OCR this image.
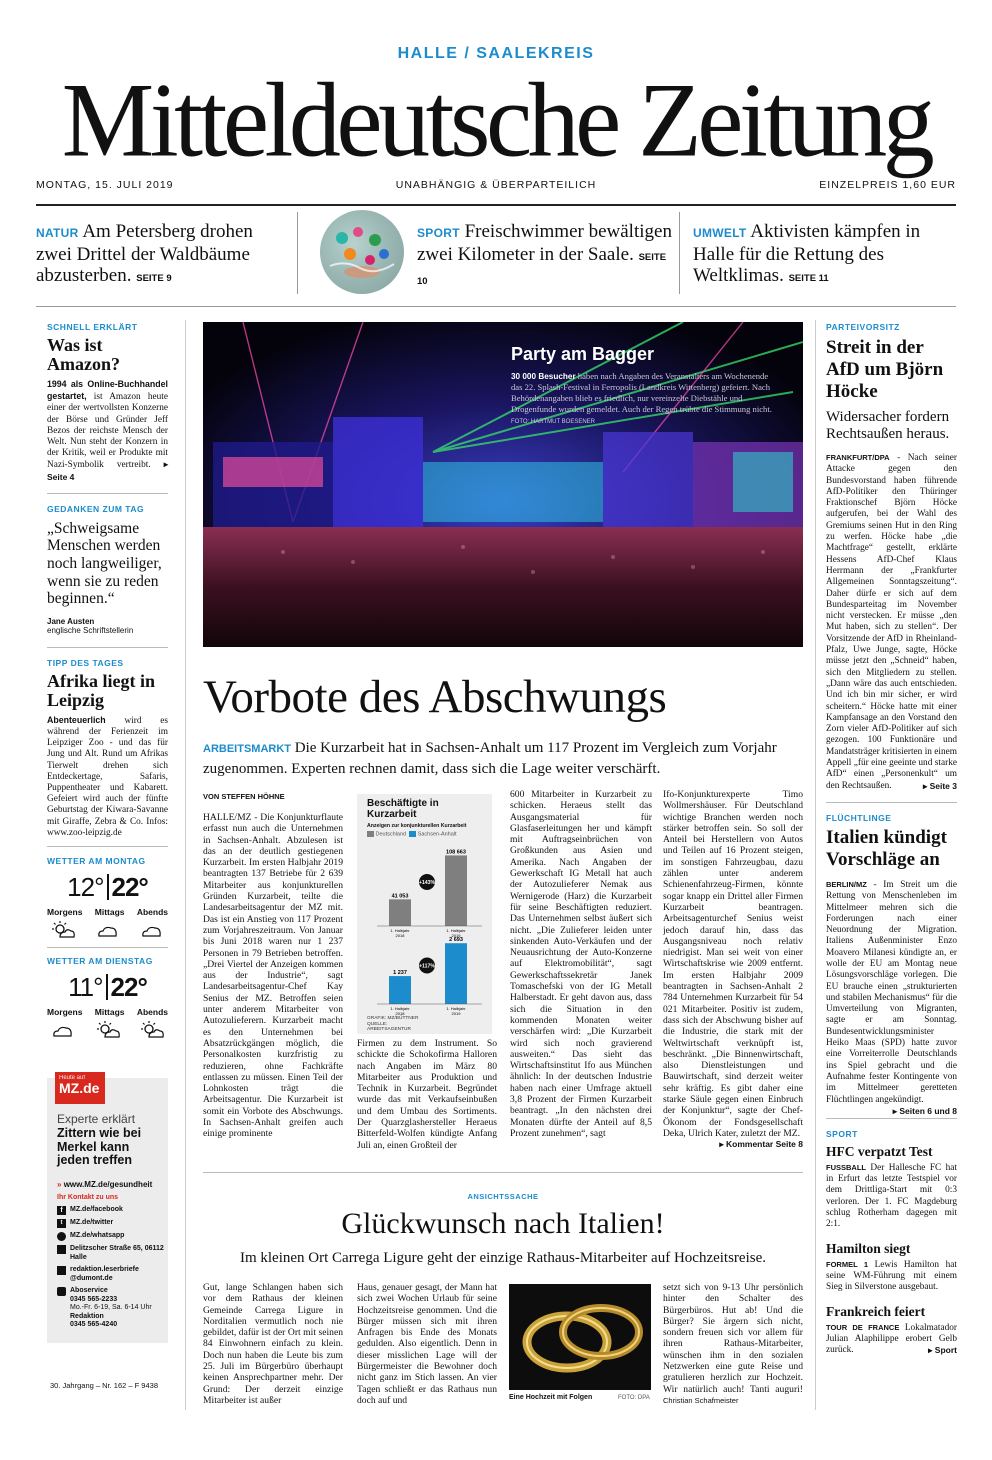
HALLE / SAALEKREIS
Mitteldeutsche Zeitung
MONTAG, 15. JULI 2019	UNABHÄNGIG & ÜBERPARTEILICH	EINZELPREIS 1,60 EUR
NATUR Am Petersberg drohen zwei Drittel der Waldbäume abzusterben. SEITE 9
SPORT Freischwimmer bewältigen zwei Kilometer in der Saale. SEITE 10
UMWELT Aktivisten kämpfen in Halle für die Rettung des Weltklimas. SEITE 11
SCHNELL ERKLÄRT
Was ist Amazon?
1994 als Online-Buchhandel gestartet, ist Amazon heute einer der wertvollsten Konzerne der Börse und Gründer Jeff Bezos der reichste Mensch der Welt. Nun steht der Konzern in der Kritik, weil er Produkte mit Nazi-Symbolik vertreibt. ▸ Seite 4
GEDANKEN ZUM TAG
„Schweigsame Menschen werden noch langweiliger, wenn sie zu reden beginnen.“
Jane Austen
englische Schriftstellerin
TIPP DES TAGES
Afrika liegt in Leipzig
Abenteuerlich wird es während der Ferienzeit im Leipziger Zoo - und das für Jung und Alt. Rund um Afrikas Tierwelt drehen sich Entdeckertage, Safaris, Puppentheater und Kabarett. Gefeiert wird auch der fünfte Geburtstag der Kiwara-Savanne mit Giraffe, Zebra & Co. Infos: www.zoo-leipzig.de
WETTER AM MONTAG
12° 22°
Morgens Mittags Abends
WETTER AM DIENSTAG
11° 22°
Morgens Mittags Abends
Heute auf
MZ.de
Experte erklärt
Zittern wie bei Merkel kann jeden treffen
» www.MZ.de/gesundheit
Ihr Kontakt zu uns
f	MZ.de/facebook
t	MZ.de/twitter
MZ.de/whatsapp
Delitzscher Straße 65, 06112 Halle
redaktion.leserbriefe @dumont.de
Aboservice
0345 565-2233
Mo.-Fr. 6-19, Sa. 6-14 Uhr
Redaktion
0345 565-4240
30. Jahrgang – Nr. 162 – F 9438
Party am Bagger
30 000 Besucher haben nach Angaben des Veranstalters am Wochenende das 22. Splash-Festival in Ferropolis (Landkreis Wittenberg) gefeiert. Nach Behördenangaben blieb es friedlich, nur vereinzelte Diebstähle und Drogenfunde wurden gemeldet. Auch der Regen trübte die Stimmung nicht. FOTO: HARTMUT BOESENER
Vorbote des Abschwungs
ARBEITSMARKT Die Kurzarbeit hat in Sachsen-Anhalt um 117 Prozent im Vergleich zum Vorjahr zugenommen. Experten rechnen damit, dass sich die Lage weiter verschärft.
VON STEFFEN HÖHNE
HALLE/MZ - Die Konjunkturflaute erfasst nun auch die Unternehmen in Sachsen-Anhalt. Abzulesen ist das an der deutlich gestiegenen Kurzarbeit. Im ersten Halbjahr 2019 beantragten 137 Betriebe für 2 639 Mitarbeiter aus konjunkturellen Gründen Kurzarbeit, teilte die Landesarbeitsagentur der MZ mit. Das ist ein Anstieg von 117 Prozent zum Vorjahreszeitraum. Von Januar bis Juni 2018 waren nur 1 237 Personen in 79 Betrieben betroffen. „Drei Viertel der Anzeigen kommen aus der Industrie“, sagt Landesarbeitsagentur-Chef Kay Senius der MZ. Betroffen seien unter anderem Mitarbeiter von Autozulieferern. Kurzarbeit macht es den Unternehmen bei Absatzrückgängen möglich, die Personalkosten kurzfristig zu reduzieren, ohne Fachkräfte entlassen zu müssen. Einen Teil der Lohnkosten trägt die Arbeitsagentur. Die Kurzarbeit ist somit ein Vorbote des Abschwungs. In Sachsen-Anhalt greifen auch einige prominente
Beschäftigte in Kurzarbeit
Anzeigen zur konjunkturellen Kurzarbeit
Deutschland Sachsen-Anhalt
41 053
1. Halbjahr
2018
108 663
1. Halbjahr
2019
+143%
1 237
1. Halbjahr
2018
2 693
1. Halbjahr
2019
+117%
GRAFIK: MZ/BÜTTNER QUELLE: ARBEITSAGENTUR
Firmen zu dem Instrument. So schickte die Schokofirma Halloren nach Angaben im März 80 Mitarbeiter aus Produktion und Technik in Kurzarbeit. Begründet wurde das mit Verkaufseinbußen und dem Umbau des Sortiments. Der Quarzglashersteller Heraeus Bitterfeld-Wolfen kündigte Anfang Juli an, einen Großteil der
600 Mitarbeiter in Kurzarbeit zu schicken. Heraeus stellt das Ausgangsmaterial für Glasfaserleitungen her und kämpft mit Auftragseinbrüchen von Großkunden aus Asien und Amerika. Nach Angaben der Gewerkschaft IG Metall hat auch der Autozulieferer Nemak aus Wernigerode (Harz) die Kurzarbeit für seine Beschäftigten reduziert. Das Unternehmen selbst äußert sich nicht. „Die Zulieferer leiden unter sinkenden Auto-Verkäufen und der Neuausrichtung der Auto-Konzerne auf Elektromobilität“, sagt Gewerkschaftssekretär Janek Tomaschefski von der IG Metall Halberstadt. Er geht davon aus, dass sich die Situation in den kommenden Monaten weiter verschärfen wird: „Die Kurzarbeit wird sich noch gravierend ausweiten.“ Das sieht das Wirtschaftsinstitut Ifo aus München ähnlich: In der deutschen Industrie haben nach einer Umfrage aktuell 3,8 Prozent der Firmen Kurzarbeit beantragt. „In den nächsten drei Monaten dürfte der Anteil auf 8,5 Prozent zunehmen“, sagt
Ifo-Konjunkturexperte Timo Wollmershäuser. Für Deutschland wichtige Branchen werden noch stärker betroffen sein. So soll der Anteil bei Herstellern von Autos und Teilen auf 16 Prozent steigen, im sonstigen Fahrzeugbau, dazu zählen unter anderem Schienenfahrzeug-Firmen, könnte sogar knapp ein Drittel aller Firmen Kurzarbeit beantragen. Arbeitsagenturchef Senius weist jedoch darauf hin, dass das Ausgangsniveau noch relativ niedrigist. Man sei weit von einer Wirtschaftskrise wie 2009 entfernt. Im ersten Halbjahr 2009 beantragten in Sachsen-Anhalt 2 784 Unternehmen Kurzarbeit für 54 021 Mitarbeiter. Positiv ist zudem, dass sich der Abschwung bisher auf die Industrie, die stark mit der Weltwirtschaft verknüpft ist, beschränkt. „Die Binnenwirtschaft, also Dienstleistungen und Bauwirtschaft, sind derzeit weiter sehr kräftig. Es gibt daher eine starke Säule gegen einen Einbruch der Konjunktur“, sagte der Chef-Ökonom der Fondsgesellschaft Deka, Ulrich Kater, zuletzt der MZ.
▸ Kommentar Seite 8
ANSICHTSSACHE
Glückwunsch nach Italien!
Im kleinen Ort Carrega Ligure geht der einzige Rathaus-Mitarbeiter auf Hochzeitsreise.
Gut, lange Schlangen haben sich vor dem Rathaus der kleinen Gemeinde Carrega Ligure in Norditalien vermutlich noch nie gebildet, dafür ist der Ort mit seinen 84 Einwohnern einfach zu klein. Doch nun haben die Leute bis zum 25. Juli im Bürgerbüro überhaupt keinen Ansprechpartner mehr. Der Grund: Der derzeit einzige Mitarbeiter ist außer
Haus, genauer gesagt, der Mann hat sich zwei Wochen Urlaub für seine Hochzeitsreise genommen. Und die Bürger müssen sich mit ihren Anfragen bis Ende des Monats gedulden. Also eigentlich. Denn in dieser misslichen Lage will der Bürgermeister die Bewohner doch nicht ganz im Stich lassen. An vier Tagen schließt er das Rathaus nun doch auf und	Eine Hochzeit mit Folgen	FOTO: DPA
setzt sich von 9-13 Uhr persönlich hinter den Schalter des Bürgerbüros. Hut ab! Und die Bürger? Sie ärgern sich nicht, sondern freuen sich vor allem für ihren Rathaus-Mitarbeiter, wünschen ihm in den sozialen Netzwerken eine gute Reise und gratulieren herzlich zur Hochzeit. Wir natürlich auch! Tanti auguri! Christian Schafmeister
PARTEIVORSITZ
Streit in der AfD um Björn Höcke
Widersacher fordern Rechtsaußen heraus.
FRANKFURT/DPA - Nach seiner Attacke gegen den Bundesvorstand haben führende AfD-Politiker den Thüringer Fraktionschef Björn Höcke aufgerufen, bei der Wahl des Gremiums seinen Hut in den Ring zu werfen. Höcke habe „die Machtfrage“ gestellt, erklärte Hessens AfD-Chef Klaus Herrmann der „Frankfurter Allgemeinen Sonntagszeitung“. Daher dürfe er sich auf dem Bundesparteitag im November nicht verstecken. Er müsse „den Mut haben, sich zu stellen“. Der Vorsitzende der AfD in Rheinland-Pfalz, Uwe Junge, sagte, Höcke müsse jetzt den „Schneid“ haben, sich den Mitgliedern zu stellen. „Dann wäre das auch entschieden. Und ich bin mir sicher, er wird scheitern.“ Höcke hatte mit einer Kampfansage an den Vorstand den Zorn vieler AfD-Politiker auf sich gezogen. 100 Funktionäre und Mandatsträger kritisierten in einem Appell „für eine geeinte und starke AfD“ einen „Personenkult“ um den Rechtsaußen.	▸ Seite 3
FLÜCHTLINGE
Italien kündigt Vorschläge an
BERLIN/MZ - Im Streit um die Rettung von Menschenleben im Mittelmeer mehren sich die Forderungen nach einer Neuordnung der Migration. Italiens Außenminister Enzo Moavero Milanesi kündigte an, er wolle der EU am Montag neue Lösungsvorschläge vorlegen. Die EU brauche einen „strukturierten und stabilen Mechanismus“ für die Umverteilung von Migranten, sagte er am Sonntag. Bundesentwicklungsminister Heiko Maas (SPD) hatte zuvor eine Vorreiterrolle Deutschlands ins Spiel gebracht und die Aufnahme fester Kontingente von im Mittelmeer geretteten Flüchtlingen angekündigt.
▸ Seiten 6 und 8
SPORT
HFC verpatzt Test
FUSSBALL Der Hallesche FC hat in Erfurt das letzte Testspiel vor dem Drittliga-Start mit 0:3 verloren. Der 1. FC Magdeburg schlug Rotherham dagegen mit 2:1.
Hamilton siegt
FORMEL 1 Lewis Hamilton hat seine WM-Führung mit einem Sieg in Silverstone ausgebaut.
Frankreich feiert
TOUR DE FRANCE Lokalmatador Julian Alaphilippe erobert Gelb zurück.	▸ Sport
